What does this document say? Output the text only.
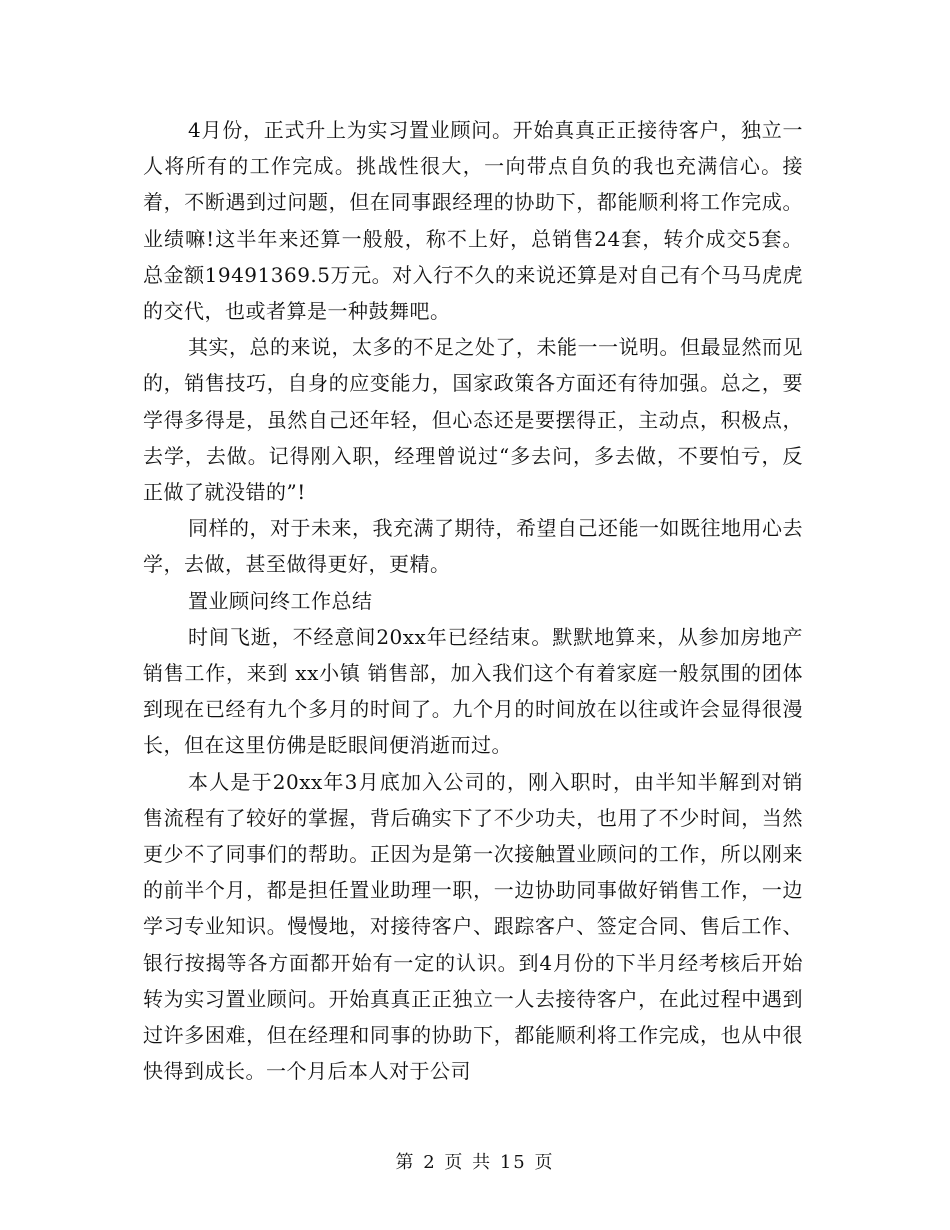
4月份，正式升上为实习置业顾问。开始真真正正接待客户，独立一人将所有的工作完成。挑战性很大，一向带点自负的我也充满信心。接着，不断遇到过问题，但在同事跟经理的协助下，都能顺利将工作完成。业绩嘛!这半年来还算一般般，称不上好，总销售24套，转介成交5套。总金额19491369.5万元。对入行不久的来说还算是对自己有个马马虎虎的交代，也或者算是一种鼓舞吧。

其实，总的来说，太多的不足之处了，未能一一说明。但最显然而见的，销售技巧，自身的应变能力，国家政策各方面还有待加强。总之，要学得多得是，虽然自己还年轻，但心态还是要摆得正，主动点，积极点，去学，去做。记得刚入职，经理曾说过“多去问，多去做，不要怕亏，反正做了就没错的”!

同样的，对于未来，我充满了期待，希望自己还能一如既往地用心去学，去做，甚至做得更好，更精。

置业顾问终工作总结

时间飞逝，不经意间20xx年已经结束。默默地算来，从参加房地产销售工作，来到 xx小镇 销售部，加入我们这个有着家庭一般氛围的团体到现在已经有九个多月的时间了。九个月的时间放在以往或许会显得很漫长，但在这里仿佛是眨眼间便消逝而过。

本人是于20xx年3月底加入公司的，刚入职时，由半知半解到对销售流程有了较好的掌握，背后确实下了不少功夫，也用了不少时间，当然更少不了同事们的帮助。正因为是第一次接触置业顾问的工作，所以刚来的前半个月，都是担任置业助理一职，一边协助同事做好销售工作，一边学习专业知识。慢慢地，对接待客户、跟踪客户、签定合同、售后工作、银行按揭等各方面都开始有一定的认识。到4月份的下半月经考核后开始转为实习置业顾问。开始真真正正独立一人去接待客户，在此过程中遇到过许多困难，但在经理和同事的协助下，都能顺利将工作完成，也从中很快得到成长。一个月后本人对于公司

第 2 页 共 15 页
